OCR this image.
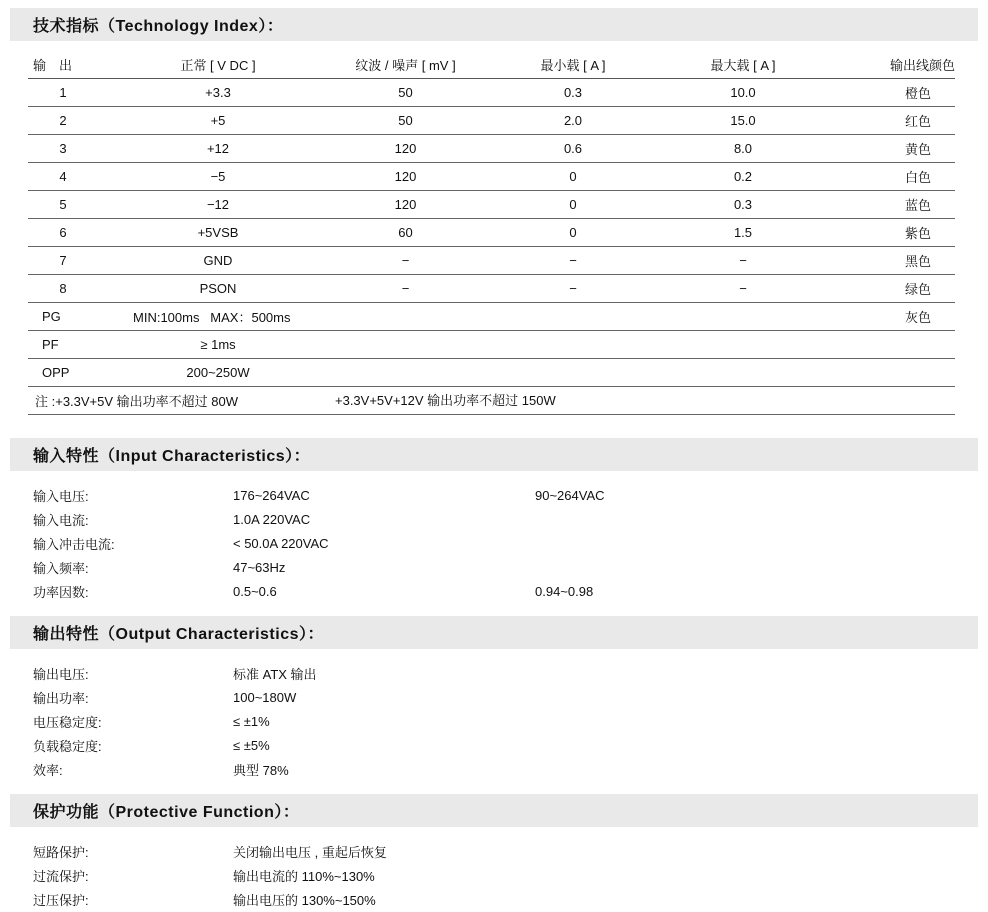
技术指标（Technology Index）：
输　出	正常 [ V DC ]	纹波 / 噪声 [ mV ]	最小载 [ A ]	最大载 [ A ]	输出线颜色
1	+3.3	50	0.3	10.0	橙色
2	+5	50	2.0	15.0	红色
3	+12	120	0.6	8.0	黄色
4	−5	120	0	0.2	白色
5	−12	120	0	0.3	蓝色
6	+5VSB	60	0	1.5	紫色
7	GND	−	−	−	黑色
8	PSON	−	−	−	绿色
PG	MIN:100ms   MAX：500ms				灰色
PF	≥ 1ms				
OPP	200~250W				
注 :+3.3V+5V 输出功率不超过 80W +3.3V+5V+12V 输出功率不超过 150W					
输入特性（Input Characteristics）：
输入电压:	176~264VAC	90~264VAC
输入电流:	1.0A 220VAC
输入冲击电流:	< 50.0A 220VAC
输入频率:	47~63Hz
功率因数:	0.5~0.6	0.94~0.98
输出特性（Output Characteristics）：
输出电压:	标准 ATX 输出
输出功率:	100~180W
电压稳定度:	≤ ±1%
负载稳定度:	≤ ±5%
效率:	典型 78%
保护功能（Protective Function）：
短路保护:	关闭输出电压 , 重起后恢复
过流保护:	输出电流的 110%~130%
过压保护:	输出电压的 130%~150%
